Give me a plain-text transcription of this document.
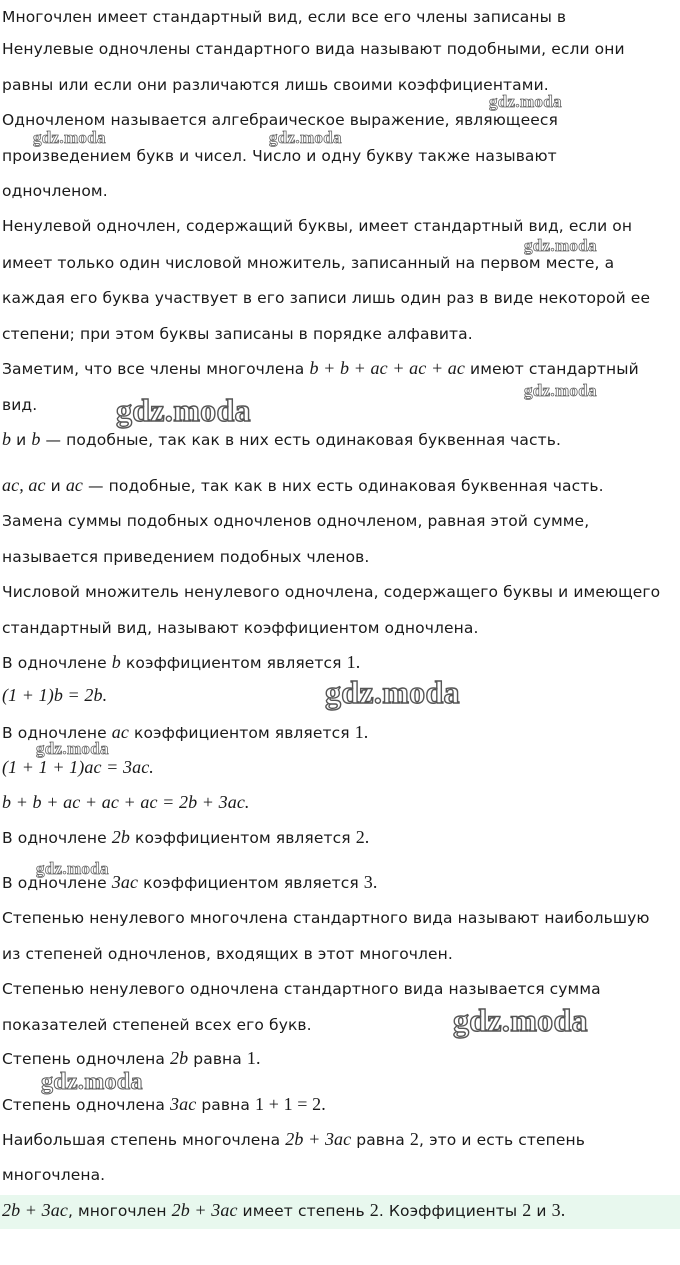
Многочлен имеет стандартный вид, если все его члены записаны в
Ненулевые одночлены стандартного вида называют подобными, если они
равны или если они различаются лишь своими коэффициентами.
Одночленом называется алгебраическое выражение, являющееся
произведением букв и чисел. Число и одну букву также называют
одночленом.
Ненулевой одночлен, содержащий буквы, имеет стандартный вид, если он
имеет только один числовой множитель, записанный на первом месте, а
каждая его буква участвует в его записи лишь один раз в виде некоторой ее
степени; при этом буквы записаны в порядке алфавита.
Заметим, что все члены многочлена b + b + ac + ac + ac имеют стандартный
вид.
b и b — подобные, так как в них есть одинаковая буквенная часть.
ac, ac и ac — подобные, так как в них есть одинаковая буквенная часть.
Замена суммы подобных одночленов одночленом, равная этой сумме,
называется приведением подобных членов.
Числовой множитель ненулевого одночлена, содержащего буквы и имеющего
стандартный вид, называют коэффициентом одночлена.
В одночлене b коэффициентом является 1.
(1 + 1)b = 2b.
В одночлене ac коэффициентом является 1.
(1 + 1 + 1)ac = 3ac.
b + b + ac + ac + ac = 2b + 3ac.
В одночлене 2b коэффициентом является 2.
В одночлене 3ac коэффициентом является 3.
Степенью ненулевого многочлена стандартного вида называют наибольшую
из степеней одночленов, входящих в этот многочлен.
Степенью ненулевого одночлена стандартного вида называется сумма
показателей степеней всех его букв.
Степень одночлена 2b равна 1.
Степень одночлена 3ac равна 1 + 1 = 2.
Наибольшая степень многочлена 2b + 3ac равна 2, это и есть степень
многочлена.
2b + 3ac, многочлен 2b + 3ac имеет степень 2. Коэффициенты 2 и 3.
gdz.moda
gdz.moda	gdz.moda
gdz.moda
gdz.moda
gdz.moda
gdz.moda
gdz.moda
gdz.moda
gdz.moda
gdz.moda
